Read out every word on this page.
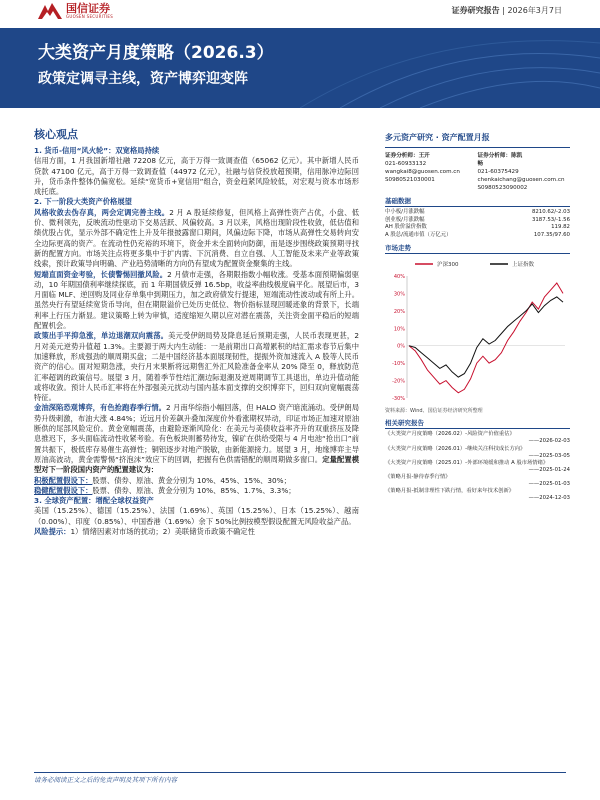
国信证券
GUOSEN SECURITIES
证券研究报告 | 2026年3月7日
大类资产月度策略（2026.3）
政策定调寻主线，资产博弈迎变阵
核心观点

1. 货币-信用“风火轮”：双宽格局持续

信用方面，1 月我国新增社融 72208 亿元，高于万得一致调查值（65062 亿元）。其中新增人民币贷款 47100 亿元，高于万得一致调查值（44972 亿元），社融与信贷投放超预期，信用脉冲边际回升，货币条件整体仍偏宽松。延续“宽货币+宽信用”组合，资金趋紧风险较低，对宏观与资本市场形成托底。

2. 下一阶段大类资产价格展望

风格收敛去伪存真，两会定调完善主线。2 月 A 股延续修复，但风格上高弹性资产占优，小盘、低价、微利领先，反映流动性驱动下交易活跃、风偏较高。3 月以来，风格出现阶段性收敛，低估值和绩优股占优，显示外部不确定性上升及年报披露窗口期间，风偏边际下降，市场从高弹性交易转向安全边际更高的资产。在流动性仍充裕的环境下，资金并未全面转向防御，而是逐步围绕政策预期寻找新的配置方向。市场关注点将更多集中于扩内需、下沉消费、自立自强、人工智能及未来产业等政策线索，预计政策导向明确、产业趋势清晰的方向仍有望成为配置资金聚集的主线。

短端直面资金考验，长债警惕回撤风险。2 月债市走强，各期限指数小幅收涨。受基本面预期偏弱驱动，10 年期国债利率继续探底，而 1 年期国债反弹 16.5bp，收益率曲线极度扁平化。展望后市，3 月面临 MLF、逆回购及同业存单集中到期压力，加之政府债发行提速，短端流动性波动或有所上升。虽然央行有望延续宽货币导向，但在期限溢价已处历史低位、物价指标显现回暖迹象的背景下，长端利率上行压力渐显。建议策略上转为审慎，适度缩短久期以应对潜在震荡，关注资金面平稳后的短端配置机会。

政策出手平抑急涨，单边退潮双向震荡。美元受伊朗局势及降息延后预期走强，人民币表现更甚，2 月对美元逆势升值超 1.3%。主要源于两大内生动能：一是前期出口高增累积的结汇需求春节后集中加速释放，形成强劲的顺周期买盘；二是中国经济基本面展现韧性，提振外资加速流入 A 股等人民币资产的信心。面对短期急涨，央行月末果断将远期售汇外汇风险准备金率从 20% 降至 0，释放防范汇率超调的政策信号。展望 3 月，随着季节性结汇潮边际退潮及逆周期调节工具退出，单边升值动能或将收敛。预计人民币汇率将在外部强美元扰动与国内基本面支撑的交织博弈下，回归双向宽幅震荡特征。

金油深陷恐观博弈，有色抢跑春季行情。2 月南华综指小幅回落，但 HALO 资产暗流涌动。受伊朗局势升级刺激，布油大涨 4.84%；近远月价差飙升叠加深度价外看涨期权异动，印证市场正加速对原油断供的尾部风险定价。黄金宽幅震荡，由避险逐渐风险化：在美元与美债收益率齐升的双重挤压及降息推迟下，多头面临流动性收紧考验。有色板块则蓄势待发，镍矿在供给受限与 4 月电池“抢出口”前置共振下，极低库存易催生高弹性；铜铝逐步对地产脱敏，由新能源接力。展望 3 月，地缘博弈主导原油高波动，黄金需警惕“挤泡沫”效应下的回调，把握有色供需错配的顺周期做多窗口。定量配置模型对下一阶段国内资产的配置建议为：

积极配置假设下：股票、债券、原油、黄金分别为 10%、45%、15%、30%；

稳健配置假设下：股票、债券、原油、黄金分别为 10%、85%、1.7%、3.3%；

3. 全球资产配置：增配全球权益资产

美国（15.25%）、德国（15.25%）、法国（1.69%）、英国（15.25%）、日本（15.25%）、越南（0.00%）、印度（0.85%）、中国香港（1.69%）余下 50%比例按模型假设配置无风险收益产品。

风险提示：1）情绪因素对市场的扰动；2）美联储货币政策不确定性

多元资产研究 · 资产配置月报
证券分析师：王开
021-60933132
wangkai8@guosen.com.cn
S0980521030001
证券分析师：陈凯畅
021-60375429
chenkaichang@guosen.com.cn
S0980523090002
基础数据
中小板/月涨跌幅	8210.62/-2.03
创业板/月涨跌幅	3187.53/-1.56
AH 股价溢价指数	119.82
A 股总/流通市值（万亿元）	107.35/97.60
市场走势
沪深300	上证指数
40%
30%
20%
10%
0%
-10%
-20%
-30%
资料来源：Wind、国信证券经济研究所整理
相关研究报告
《大类资产月度策略（2026.02）-风险资产价值重估》
——2026-02-03
《大类资产月度策略（2026.01）-继续关注科技成长方向》
——2025-03-05
《大类资产月度策略（2025.01）-外部环境缓和推动 A 股市场情绪》
——2025-01-24
《策略月报-静待春季行情》
——2025-01-03
《策略月报-抵制非理性下跌行情，看好来年技术创新》
——2024-12-03
请务必阅读正文之后的免责声明及其项下所有内容
